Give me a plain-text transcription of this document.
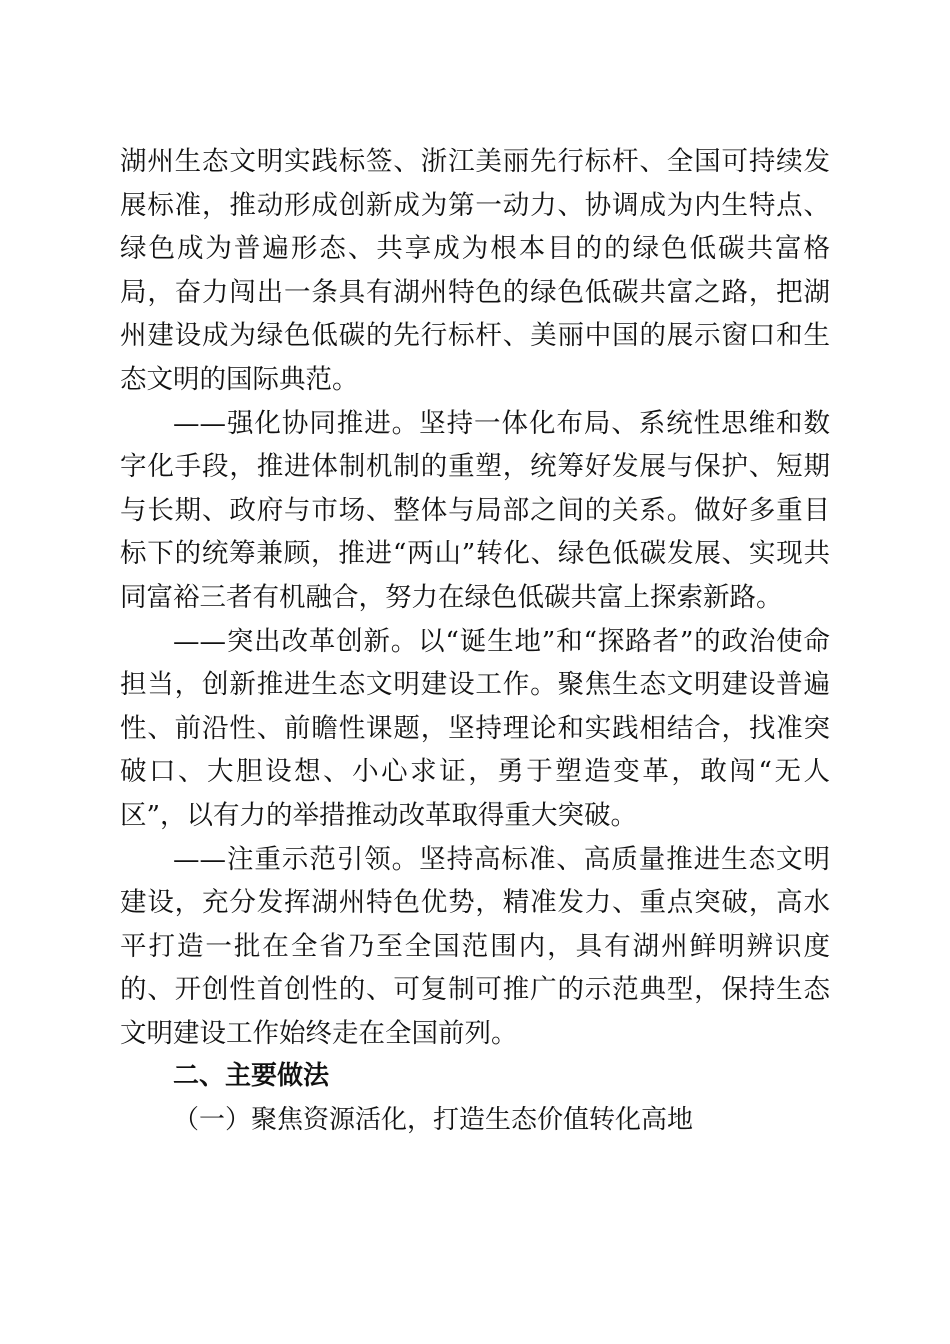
湖州生态文明实践标签、浙江美丽先行标杆、全国可持续发展标准，推动形成创新成为第一动力、协调成为内生特点、绿色成为普遍形态、共享成为根本目的的绿色低碳共富格局，奋力闯出一条具有湖州特色的绿色低碳共富之路，把湖州建设成为绿色低碳的先行标杆、美丽中国的展示窗口和生态文明的国际典范。

——强化协同推进。坚持一体化布局、系统性思维和数字化手段，推进体制机制的重塑，统筹好发展与保护、短期与长期、政府与市场、整体与局部之间的关系。做好多重目标下的统筹兼顾，推进“两山”转化、绿色低碳发展、实现共同富裕三者有机融合，努力在绿色低碳共富上探索新路。

——突出改革创新。以“诞生地”和“探路者”的政治使命担当，创新推进生态文明建设工作。聚焦生态文明建设普遍性、前沿性、前瞻性课题，坚持理论和实践相结合，找准突破口、大胆设想、小心求证，勇于塑造变革，敢闯“无人区”，以有力的举措推动改革取得重大突破。

——注重示范引领。坚持高标准、高质量推进生态文明建设，充分发挥湖州特色优势，精准发力、重点突破，高水平打造一批在全省乃至全国范围内，具有湖州鲜明辨识度的、开创性首创性的、可复制可推广的示范典型，保持生态文明建设工作始终走在全国前列。

二、主要做法

（一）聚焦资源活化，打造生态价值转化高地
